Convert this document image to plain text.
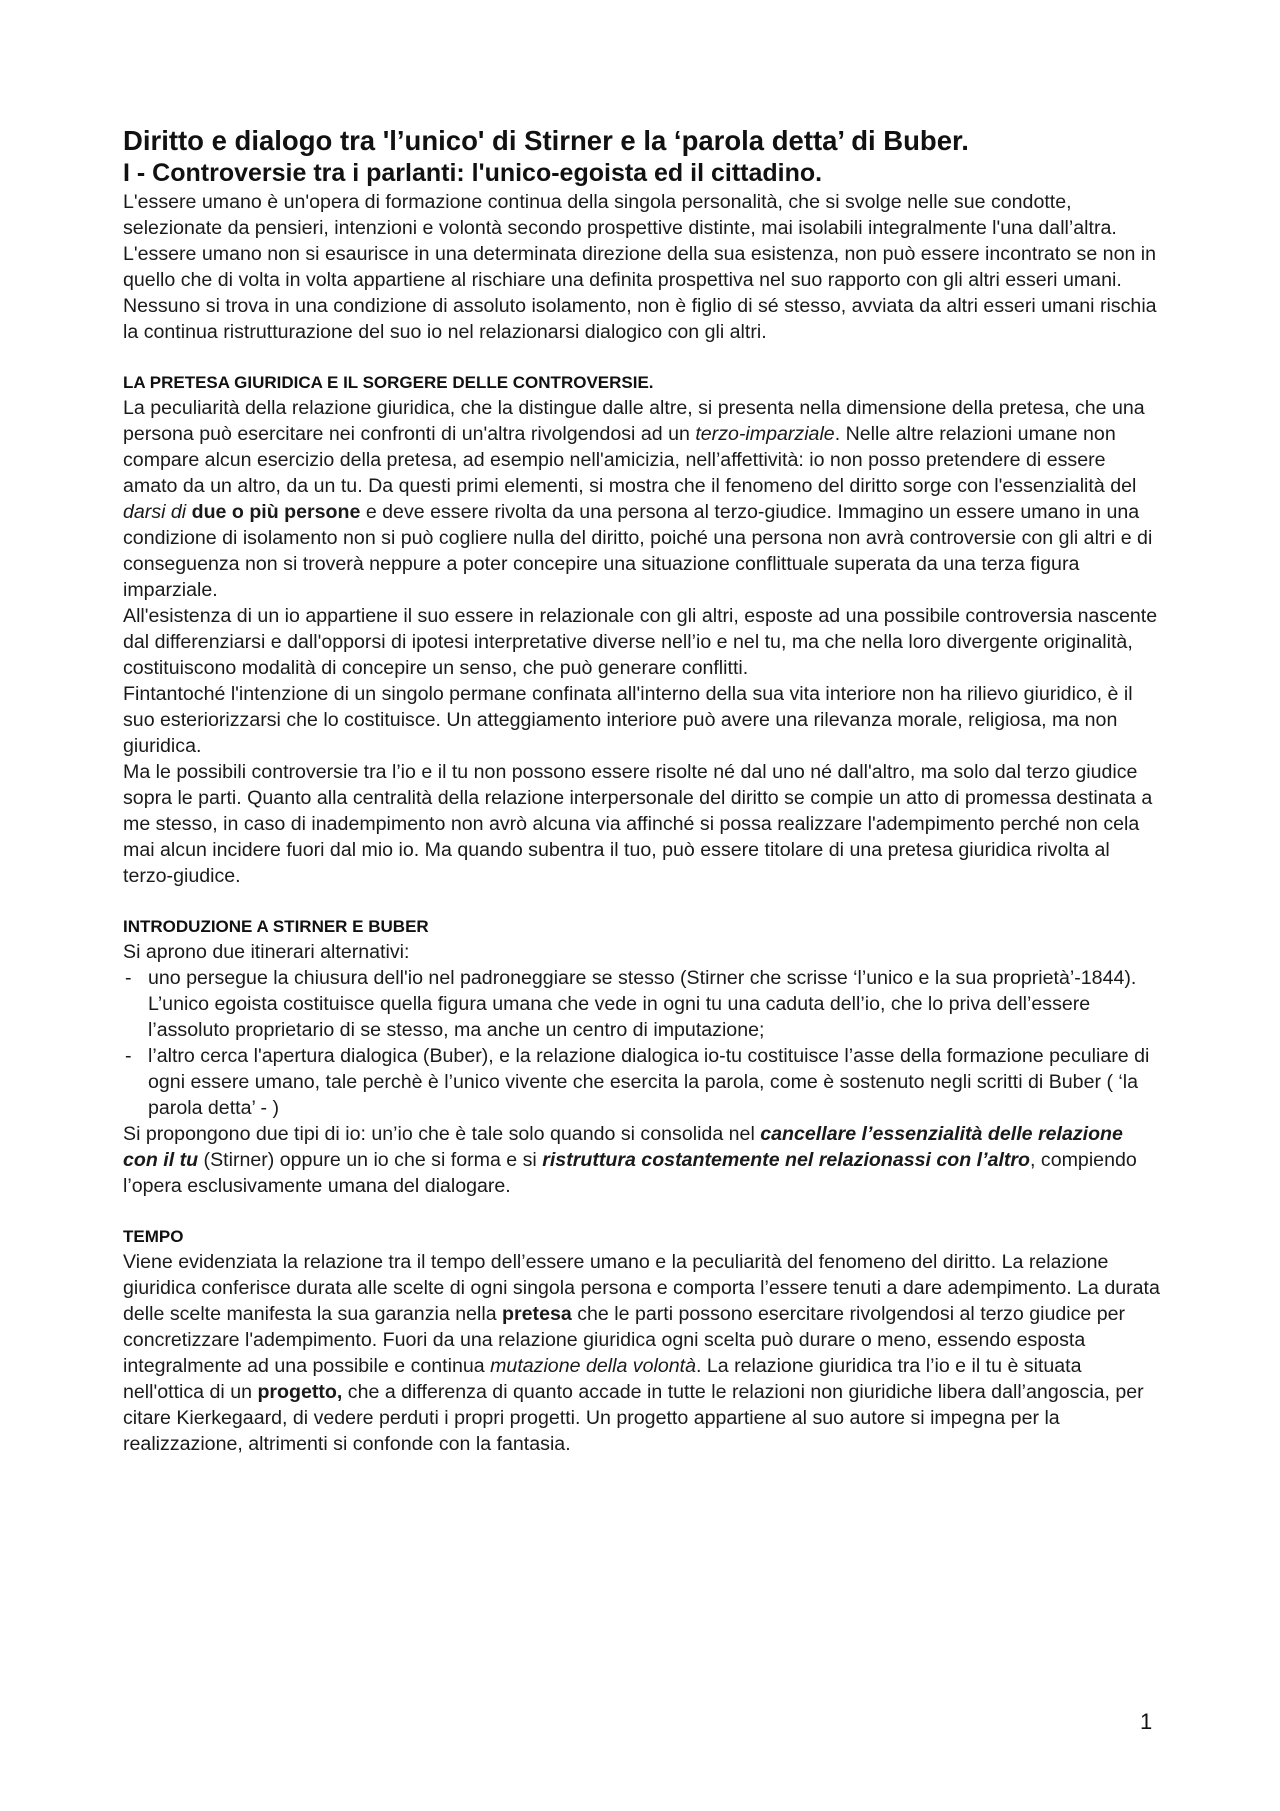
Diritto e dialogo tra 'l’unico' di Stirner e la ‘parola detta’ di Buber.
I - Controversie tra i parlanti: l'unico-egoista ed il cittadino.

L'essere umano è un'opera di formazione continua della singola personalità, che si svolge nelle sue condotte, selezionate da pensieri, intenzioni e volontà secondo prospettive distinte, mai isolabili integralmente l'una dall’altra. L'essere umano non si esaurisce in una determinata direzione della sua esistenza, non può essere incontrato se non in quello che di volta in volta appartiene al rischiare una definita prospettiva nel suo rapporto con gli altri esseri umani. Nessuno si trova in una condizione di assoluto isolamento, non è figlio di sé stesso, avviata da altri esseri umani rischia la continua ristrutturazione del suo io nel relazionarsi dialogico con gli altri.

LA PRETESA GIURIDICA E IL SORGERE DELLE CONTROVERSIE.

La peculiarità della relazione giuridica, che la distingue dalle altre, si presenta nella dimensione della pretesa, che una persona può esercitare nei confronti di un'altra rivolgendosi ad un terzo-imparziale. Nelle altre relazioni umane non compare alcun esercizio della pretesa, ad esempio nell'amicizia, nell’affettività: io non posso pretendere di essere amato da un altro, da un tu. Da questi primi elementi, si mostra che il fenomeno del diritto sorge con l'essenzialità del darsi di due o più persone e deve essere rivolta da una persona al terzo-giudice. Immagino un essere umano in una condizione di isolamento non si può cogliere nulla del diritto, poiché una persona non avrà controversie con gli altri e di conseguenza non si troverà neppure a poter concepire una situazione conflittuale superata da una terza figura imparziale.

All'esistenza di un io appartiene il suo essere in relazionale con gli altri, esposte ad una possibile controversia nascente dal differenziarsi e dall'opporsi di ipotesi interpretative diverse nell’io e nel tu, ma che nella loro divergente originalità, costituiscono modalità di concepire un senso, che può generare conflitti.

Fintantoché l'intenzione di un singolo permane confinata all'interno della sua vita interiore non ha rilievo giuridico, è il suo esteriorizzarsi che lo costituisce. Un atteggiamento interiore può avere una rilevanza morale, religiosa, ma non giuridica.

Ma le possibili controversie tra l’io e il tu non possono essere risolte né dal uno né dall'altro, ma solo dal terzo giudice sopra le parti. Quanto alla centralità della relazione interpersonale del diritto se compie un atto di promessa destinata a me stesso, in caso di inadempimento non avrò alcuna via affinché si possa realizzare l'adempimento perché non cela mai alcun incidere fuori dal mio io. Ma quando subentra il tuo, può essere titolare di una pretesa giuridica rivolta al terzo-giudice.

INTRODUZIONE A STIRNER E BUBER

Si aprono due itinerari alternativi:

- uno persegue la chiusura dell'io nel padroneggiare se stesso (Stirner che scrisse ‘l’unico e la sua proprietà’-1844). L’unico egoista costituisce quella figura umana che vede in ogni tu una caduta dell’io, che lo priva dell’essere l’assoluto proprietario di se stesso, ma anche un centro di imputazione;
- l’altro cerca l'apertura dialogica (Buber), e la relazione dialogica io-tu costituisce l’asse della formazione peculiare di ogni essere umano, tale perchè è l’unico vivente che esercita la parola, come è sostenuto negli scritti di Buber ( ‘la parola detta’ - )

Si propongono due tipi di io: un’io che è tale solo quando si consolida nel cancellare l’essenzialità delle relazione con il tu (Stirner) oppure un io che si forma e si ristruttura costantemente nel relazionassi con l’altro, compiendo l’opera esclusivamente umana del dialogare.

TEMPO

Viene evidenziata la relazione tra il tempo dell’essere umano e la peculiarità del fenomeno del diritto. La relazione giuridica conferisce durata alle scelte di ogni singola persona e comporta l’essere tenuti a dare adempimento. La durata delle scelte manifesta la sua garanzia nella pretesa che le parti possono esercitare rivolgendosi al terzo giudice per concretizzare l'adempimento. Fuori da una relazione giuridica ogni scelta può durare o meno, essendo esposta integralmente ad una possibile e continua mutazione della volontà. La relazione giuridica tra l’io e il tu è situata nell'ottica di un progetto, che a differenza di quanto accade in tutte le relazioni non giuridiche libera dall’angoscia, per citare Kierkegaard, di vedere perduti i propri progetti. Un progetto appartiene al suo autore si impegna per la realizzazione, altrimenti si confonde con la fantasia.

1
